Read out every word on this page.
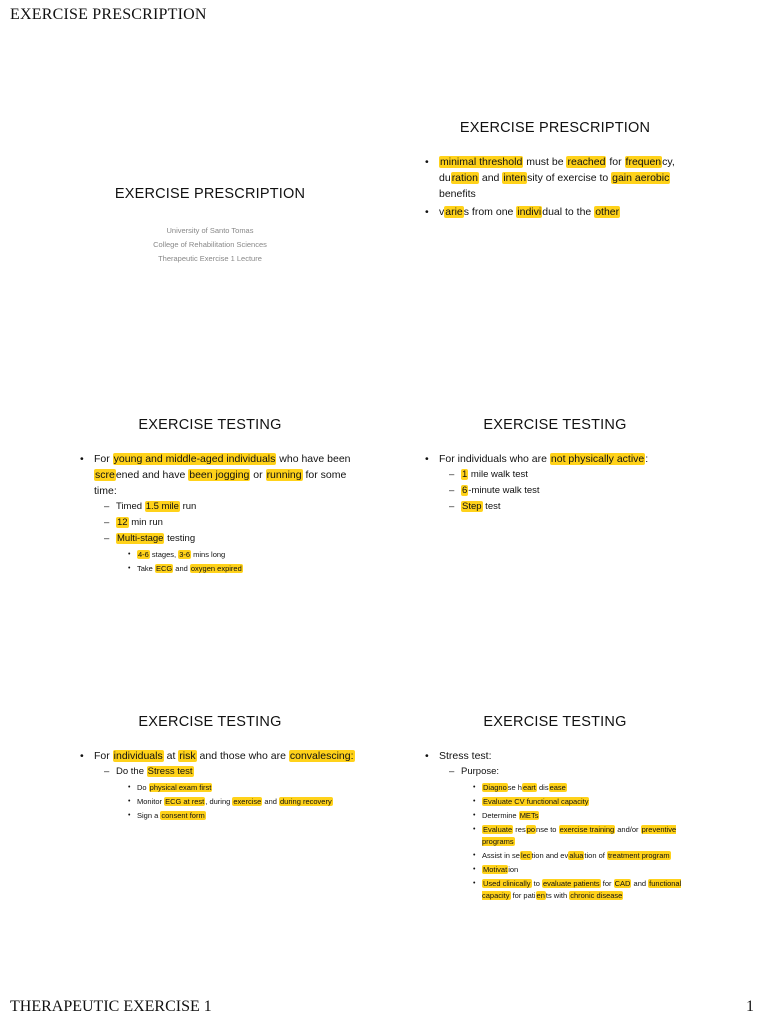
EXERCISE PRESCRIPTION
EXERCISE PRESCRIPTION
University of Santo Tomas
College of Rehabilitation Sciences
Therapeutic Exercise 1 Lecture
EXERCISE PRESCRIPTION
• minimal threshold must be reached for frequency, duration and intensity of exercise to gain aerobic benefits
• varies from one individual to the other
EXERCISE TESTING
• For young and middle-aged individuals who have been screened and have been jogging or running for some time:
– Timed 1.5 mile run
– 12 min run
– Multi-stage testing
• 4-6 stages, 3-6 mins long
• Take ECG and oxygen expired
EXERCISE TESTING
• For individuals who are not physically active:
– 1 mile walk test
– 6-minute walk test
– Step test
EXERCISE TESTING
• For individuals at risk and those who are convalescing:
– Do the Stress test
• Do physical exam first
• Monitor ECG at rest, during exercise and during recovery
• Sign a consent form
EXERCISE TESTING
• Stress test:
– Purpose:
• Diagnose heart disease
• Evaluate CV functional capacity
• Determine METs
• Evaluate response to exercise training and/or preventive programs
• Assist in selection and evaluation of treatment program
• Motivation
• Used clinically to evaluate patients for CAD and functional capacity for patients with chronic disease
THERAPEUTIC EXERCISE 1	1
